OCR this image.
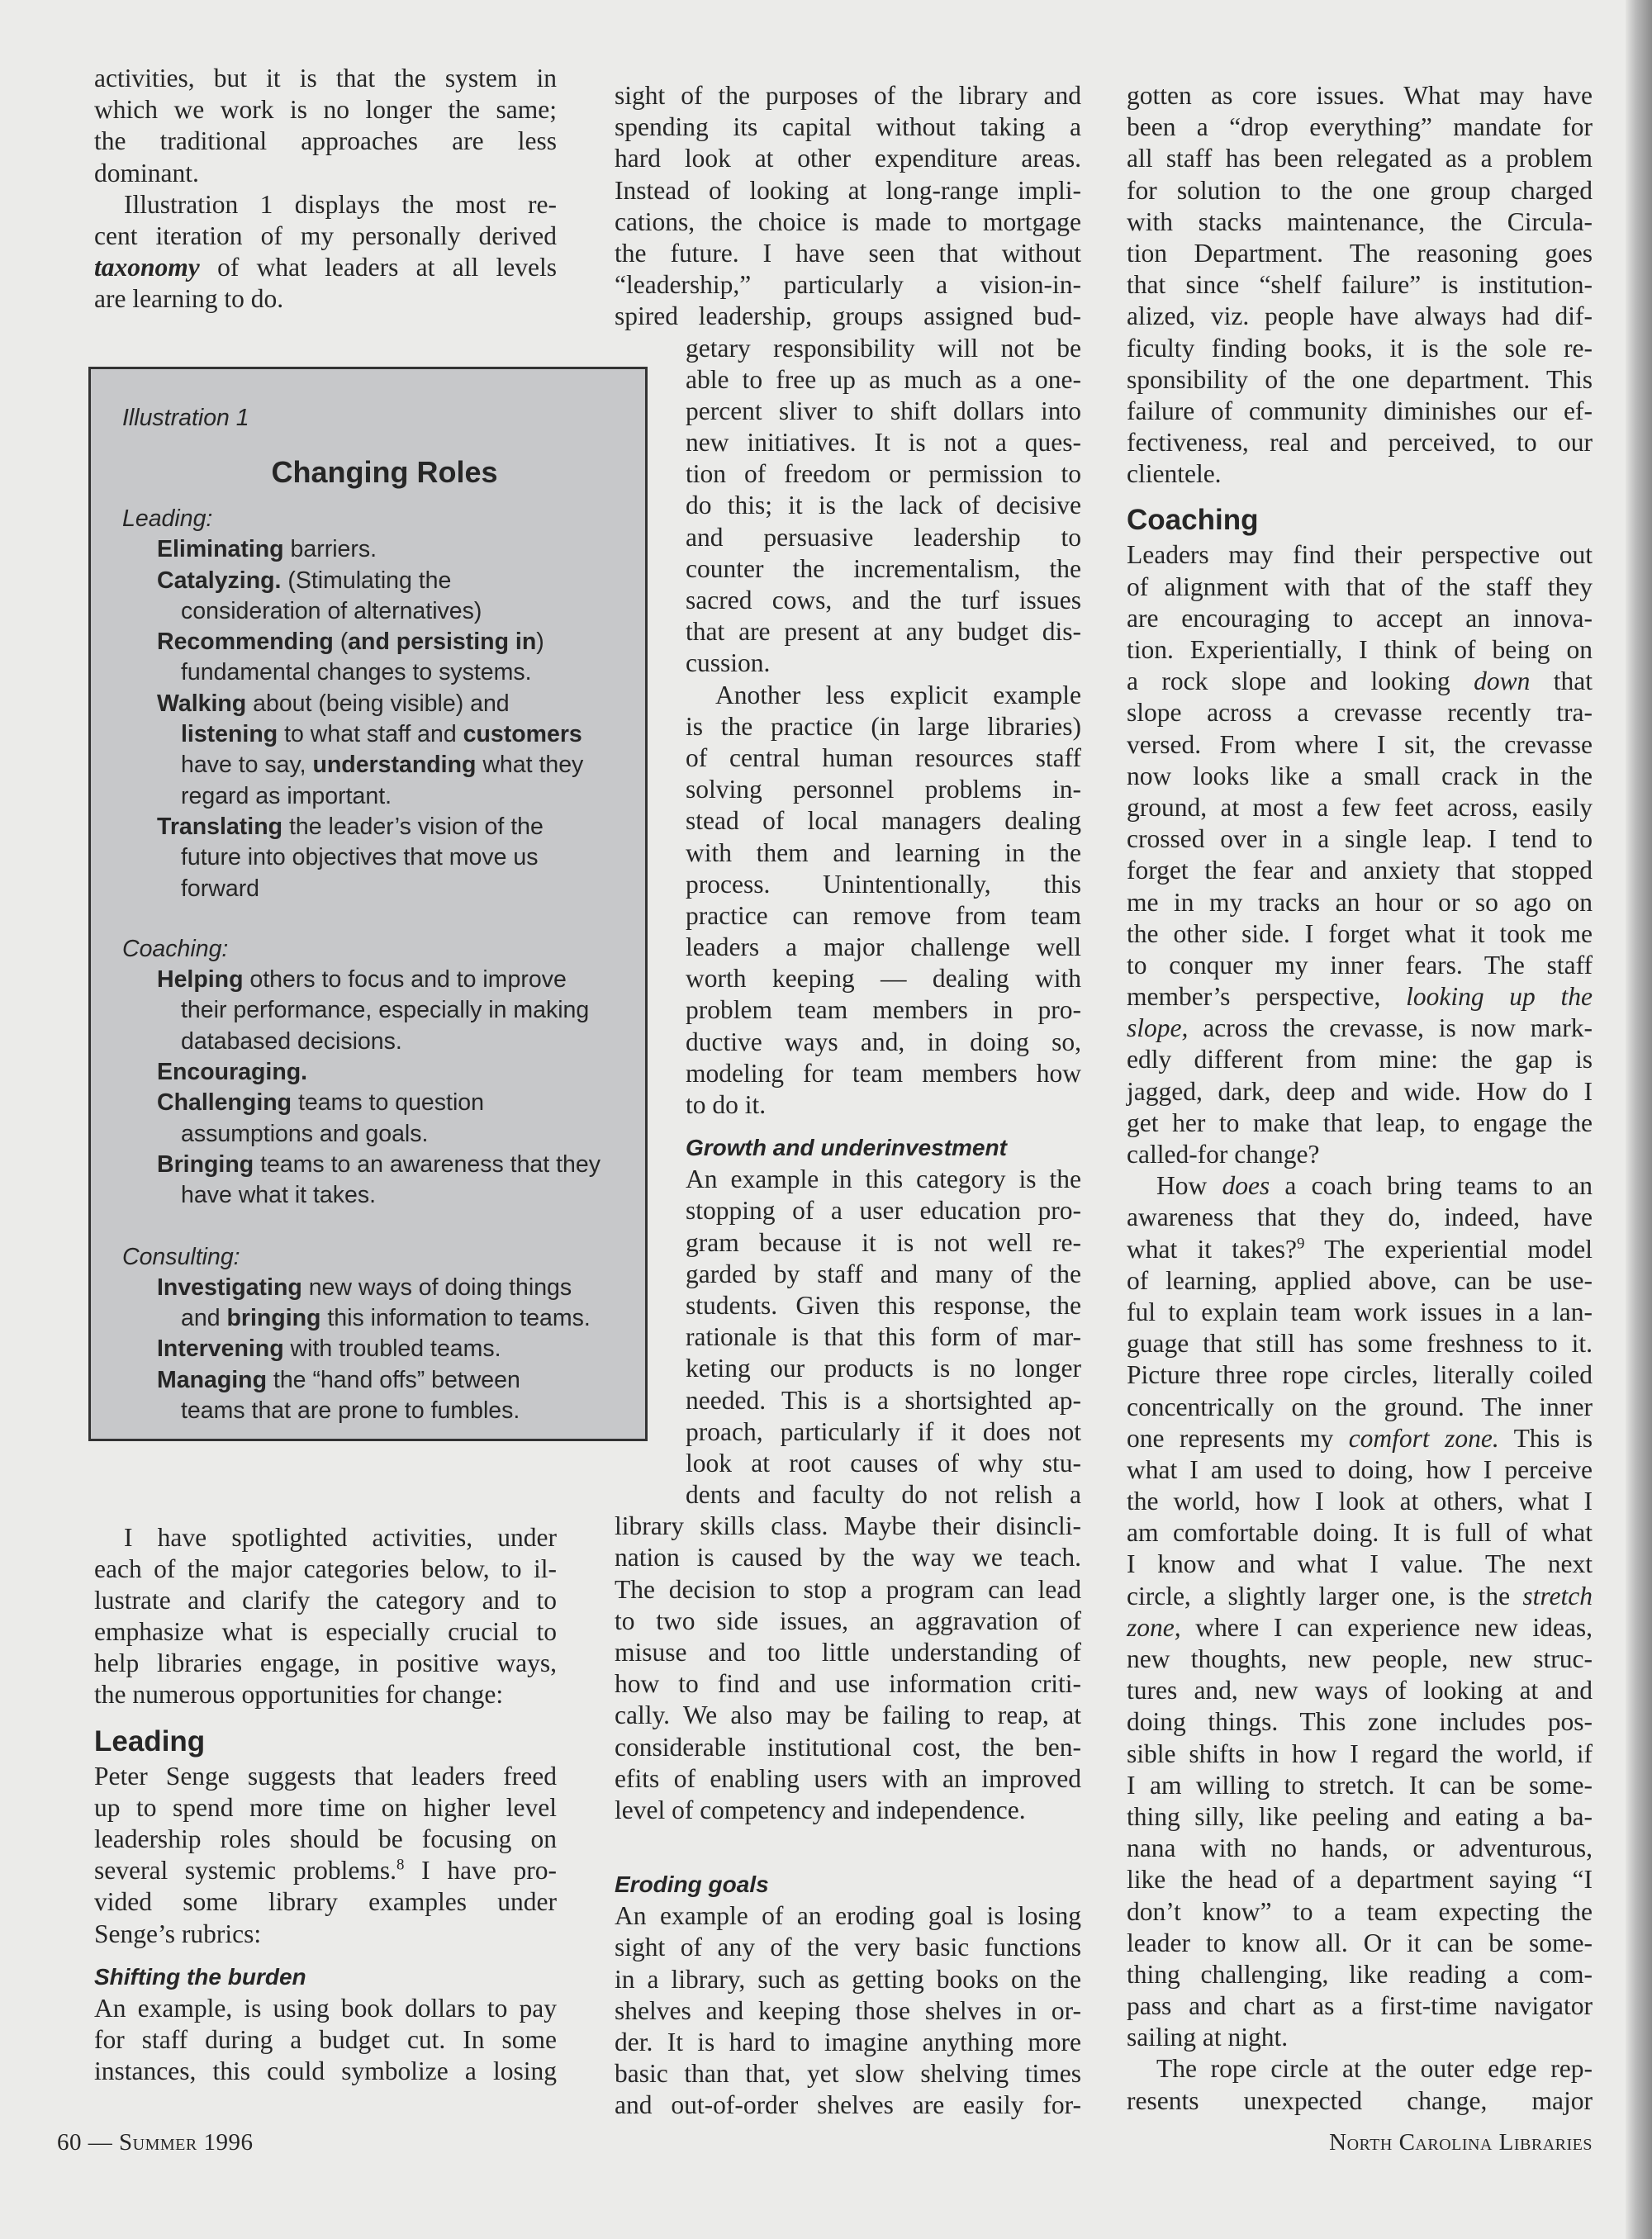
activities, but it is that the system in
which we work is no longer the same;
the traditional approaches are less
dominant.
Illustration 1 displays the most re-
cent iteration of my personally derived
taxonomy of what leaders at all levels
are learning to do.
I have spotlighted activities, under
each of the major categories below, to il-
lustrate and clarify the category and to
emphasize what is especially crucial to
help libraries engage, in positive ways,
the numerous opportunities for change:
Leading
Peter Senge suggests that leaders freed
up to spend more time on higher level
leadership roles should be focusing on
several systemic problems.$^8$ I have pro-
vided some library examples under
Senge’s rubrics:
Shifting the burden
An example, is using book dollars to pay
for staff during a budget cut. In some
instances, this could symbolize a losing
sight of the purposes of the library and
spending its capital without taking a
hard look at other expenditure areas.
Instead of looking at long-range impli-
cations, the choice is made to mortgage
the future. I have seen that without
“leadership,” particularly a vision-in-
spired leadership, groups assigned bud-
getary responsibility will not be
able to free up as much as a one-
percent sliver to shift dollars into
new initiatives. It is not a ques-
tion of freedom or permission to
do this; it is the lack of decisive
and persuasive leadership to
counter the incrementalism, the
sacred cows, and the turf issues
that are present at any budget dis-
cussion.
Another less explicit example
is the practice (in large libraries)
of central human resources staff
solving personnel problems in-
stead of local managers dealing
with them and learning in the
process. Unintentionally, this
practice can remove from team
leaders a major challenge well
worth keeping — dealing with
problem team members in pro-
ductive ways and, in doing so,
modeling for team members how
to do it.
Growth and underinvestment
An example in this category is the
stopping of a user education pro-
gram because it is not well re-
garded by staff and many of the
students. Given this response, the
rationale is that this form of mar-
keting our products is no longer
needed. This is a shortsighted ap-
proach, particularly if it does not
look at root causes of why stu-
dents and faculty do not relish a
library skills class. Maybe their disincli-
nation is caused by the way we teach.
The decision to stop a program can lead
to two side issues, an aggravation of
misuse and too little understanding of
how to find and use information criti-
cally. We also may be failing to reap, at
considerable institutional cost, the ben-
efits of enabling users with an improved
level of competency and independence.
Eroding goals
An example of an eroding goal is losing
sight of any of the very basic functions
in a library, such as getting books on the
shelves and keeping those shelves in or-
der. It is hard to imagine anything more
basic than that, yet slow shelving times
and out-of-order shelves are easily for-
gotten as core issues. What may have
been a “drop everything” mandate for
all staff has been relegated as a problem
for solution to the one group charged
with stacks maintenance, the Circula-
tion Department. The reasoning goes
that since “shelf failure” is institution-
alized, viz. people have always had dif-
ficulty finding books, it is the sole re-
sponsibility of the one department. This
failure of community diminishes our ef-
fectiveness, real and perceived, to our
clientele.
Coaching
Leaders may find their perspective out
of alignment with that of the staff they
are encouraging to accept an innova-
tion. Experientially, I think of being on
a rock slope and looking down that
slope across a crevasse recently tra-
versed. From where I sit, the crevasse
now looks like a small crack in the
ground, at most a few feet across, easily
crossed over in a single leap. I tend to
forget the fear and anxiety that stopped
me in my tracks an hour or so ago on
the other side. I forget what it took me
to conquer my inner fears. The staff
member’s perspective, looking up the
slope, across the crevasse, is now mark-
edly different from mine: the gap is
jagged, dark, deep and wide. How do I
get her to make that leap, to engage the
called-for change?
How does a coach bring teams to an
awareness that they do, indeed, have
what it takes?$^9$ The experiential model
of learning, applied above, can be use-
ful to explain team work issues in a lan-
guage that still has some freshness to it.
Picture three rope circles, literally coiled
concentrically on the ground. The inner
one represents my comfort zone. This is
what I am used to doing, how I perceive
the world, how I look at others, what I
am comfortable doing. It is full of what
I know and what I value. The next
circle, a slightly larger one, is the stretch
zone, where I can experience new ideas,
new thoughts, new people, new struc-
tures and, new ways of looking at and
doing things. This zone includes pos-
sible shifts in how I regard the world, if
I am willing to stretch. It can be some-
thing silly, like peeling and eating a ba-
nana with no hands, or adventurous,
like the head of a department saying “I
don’t know” to a team expecting the
leader to know all. Or it can be some-
thing challenging, like reading a com-
pass and chart as a first-time navigator
sailing at night.
The rope circle at the outer edge rep-
resents unexpected change, major
Illustration 1
Changing Roles
Leading:
Eliminating barriers.
Catalyzing. (Stimulating the
consideration of alternatives)
Recommending (and persisting in)
fundamental changes to systems.
Walking about (being visible) and
listening to what staff and customers
have to say, understanding what they
regard as important.
Translating the leader’s vision of the
future into objectives that move us
forward
Coaching:
Helping others to focus and to improve
their performance, especially in making
databased decisions.
Encouraging.
Challenging teams to question
assumptions and goals.
Bringing teams to an awareness that they
have what it takes.
Consulting:
Investigating new ways of doing things
and bringing this information to teams.
Intervening with troubled teams.
Managing the “hand offs” between
teams that are prone to fumbles.
60 — Summer 1996	North Carolina Libraries
